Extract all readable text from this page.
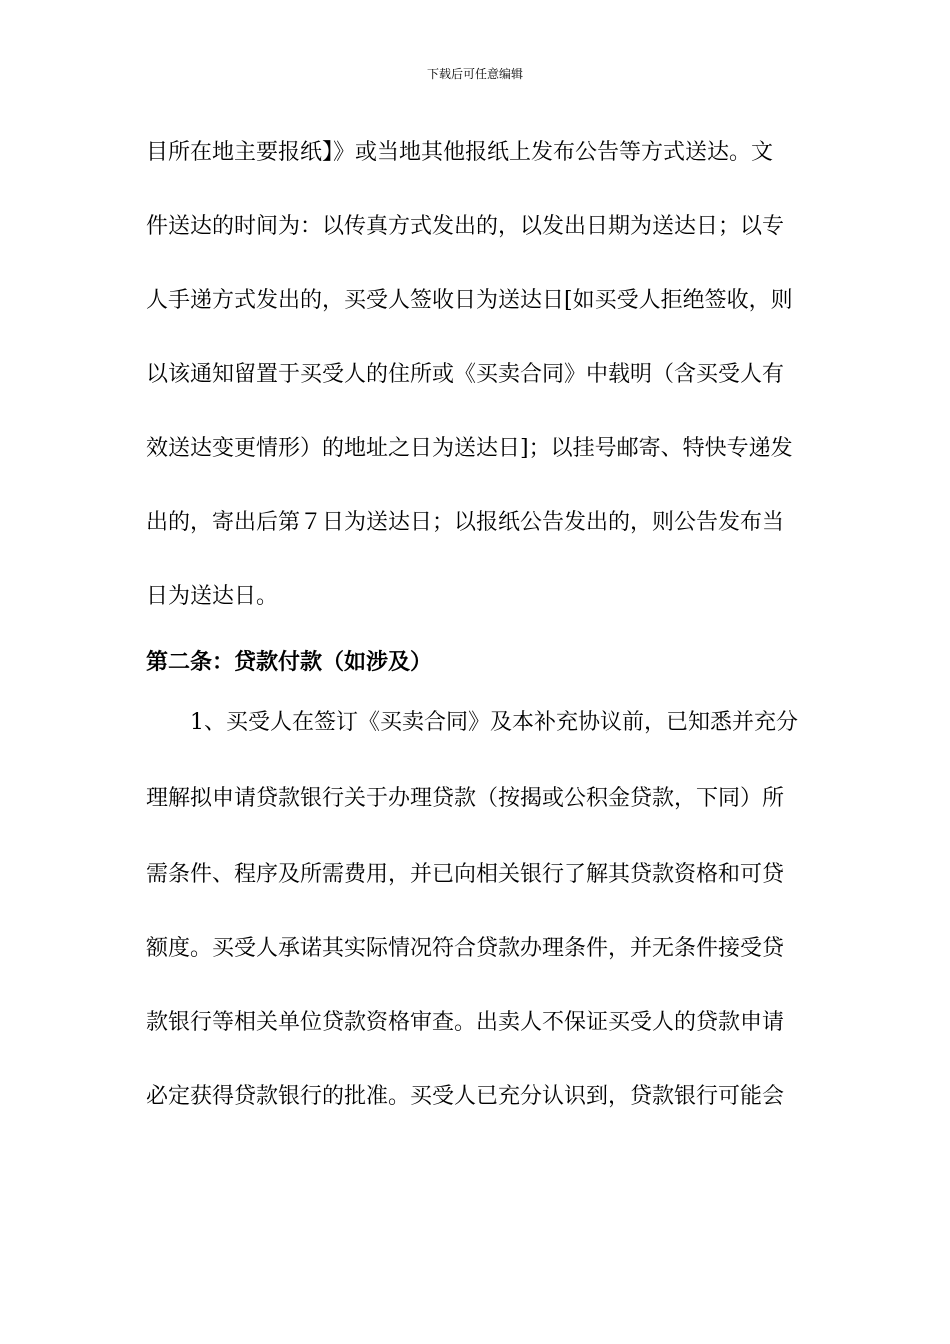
下载后可任意编辑
目所在地主要报纸】》或当地其他报纸上发布公告等方式送达。文
件送达的时间为：以传真方式发出的，以发出日期为送达日；以专
人手递方式发出的，买受人签收日为送达日[如买受人拒绝签收，则
以该通知留置于买受人的住所或《买卖合同》中载明（含买受人有
效送达变更情形）的地址之日为送达日]；以挂号邮寄、特快专递发
出的，寄出后第７日为送达日；以报纸公告发出的，则公告发布当
日为送达日。
第二条：贷款付款（如涉及）
1、买受人在签订《买卖合同》及本补充协议前，已知悉并充分
理解拟申请贷款银行关于办理贷款（按揭或公积金贷款，下同）所
需条件、程序及所需费用，并已向相关银行了解其贷款资格和可贷
额度。买受人承诺其实际情况符合贷款办理条件，并无条件接受贷
款银行等相关单位贷款资格审查。出卖人不保证买受人的贷款申请
必定获得贷款银行的批准。买受人已充分认识到，贷款银行可能会
